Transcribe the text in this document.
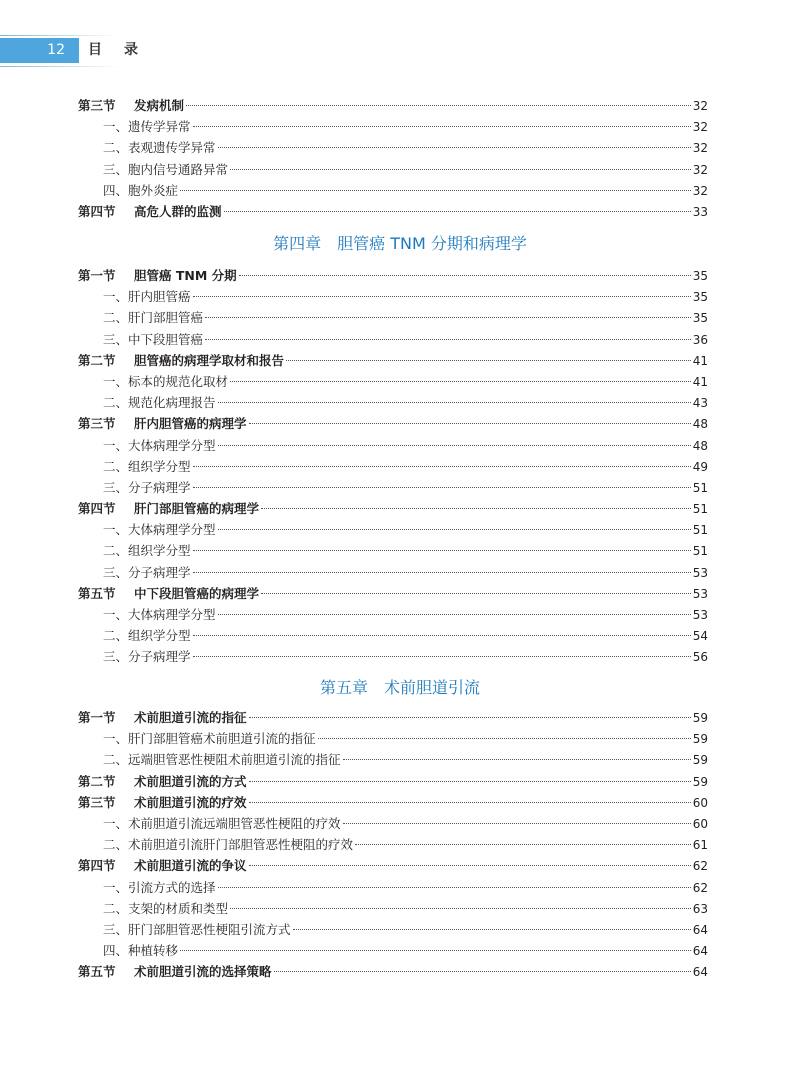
12	目 录
第三节	发病机制	32
一、遗传学异常	32
二、表观遗传学异常	32
三、胞内信号通路异常	32
四、胞外炎症	32
第四节	高危人群的监测	33
第四章　胆管癌 TNM 分期和病理学
第一节	胆管癌 TNM 分期	35
一、肝内胆管癌	35
二、肝门部胆管癌	35
三、中下段胆管癌	36
第二节	胆管癌的病理学取材和报告	41
一、标本的规范化取材	41
二、规范化病理报告	43
第三节	肝内胆管癌的病理学	48
一、大体病理学分型	48
二、组织学分型	49
三、分子病理学	51
第四节	肝门部胆管癌的病理学	51
一、大体病理学分型	51
二、组织学分型	51
三、分子病理学	53
第五节	中下段胆管癌的病理学	53
一、大体病理学分型	53
二、组织学分型	54
三、分子病理学	56
第五章　术前胆道引流
第一节	术前胆道引流的指征	59
一、肝门部胆管癌术前胆道引流的指征	59
二、远端胆管恶性梗阻术前胆道引流的指征	59
第二节	术前胆道引流的方式	59
第三节	术前胆道引流的疗效	60
一、术前胆道引流远端胆管恶性梗阻的疗效	60
二、术前胆道引流肝门部胆管恶性梗阻的疗效	61
第四节	术前胆道引流的争议	62
一、引流方式的选择	62
二、支架的材质和类型	63
三、肝门部胆管恶性梗阻引流方式	64
四、种植转移	64
第五节	术前胆道引流的选择策略	64
